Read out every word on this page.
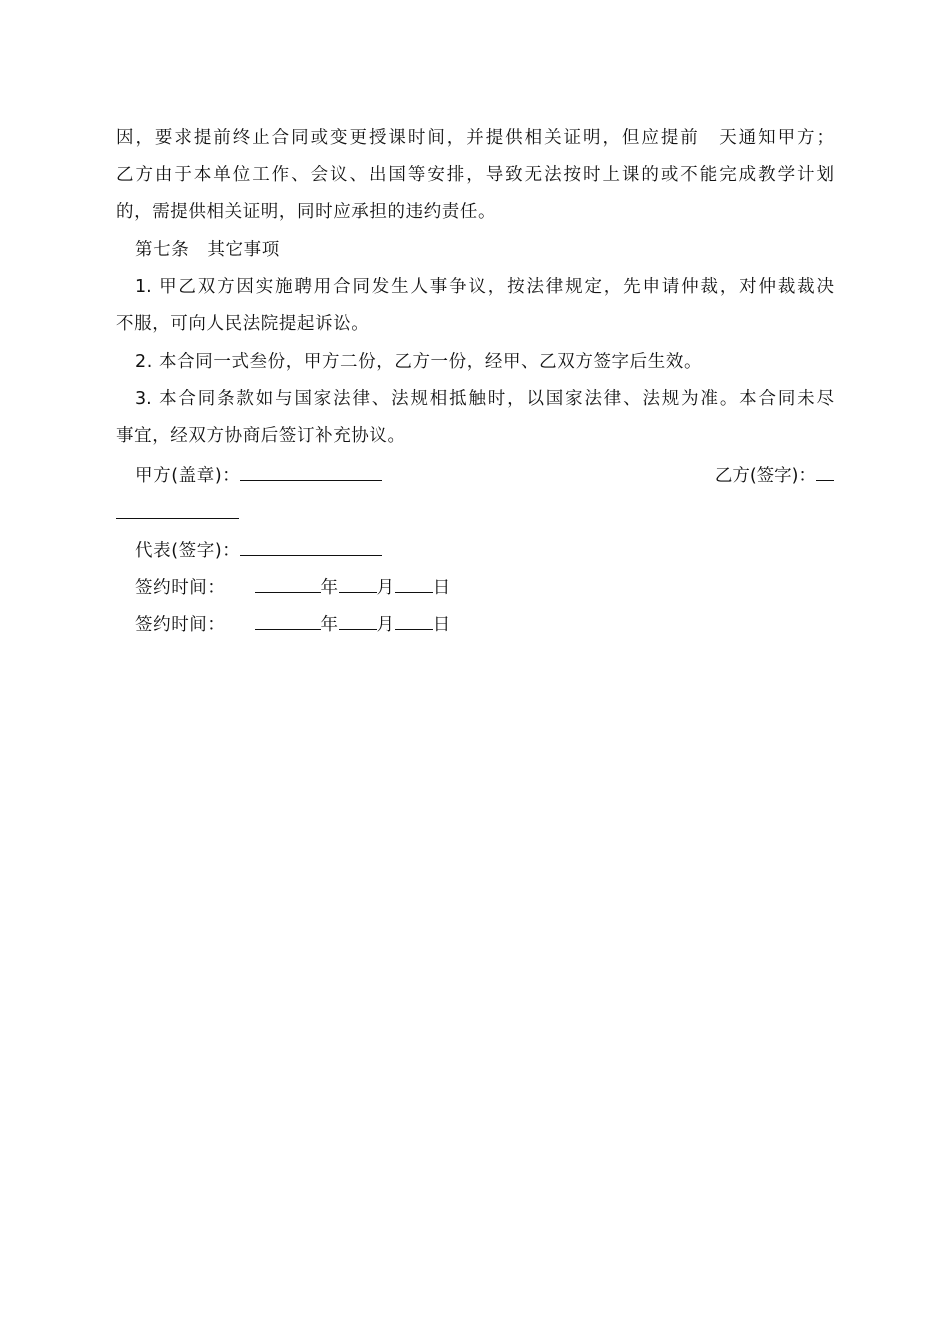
因，要求提前终止合同或变更授课时间，并提供相关证明，但应提前　天通知甲方；
乙方由于本单位工作、会议、出国等安排，导致无法按时上课的或不能完成教学计划
的，需提供相关证明，同时应承担的违约责任。
第七条　其它事项
1. 甲乙双方因实施聘用合同发生人事争议，按法律规定，先申请仲裁，对仲裁裁决
不服，可向人民法院提起诉讼。
2. 本合同一式叁份，甲方二份，乙方一份，经甲、乙双方签字后生效。
3. 本合同条款如与国家法律、法规相抵触时，以国家法律、法规为准。本合同未尽
事宜，经双方协商后签订补充协议。
甲方(盖章)：	乙方(签字)：
代表(签字)：
签约时间：	年 月 日
签约时间：	年 月 日
